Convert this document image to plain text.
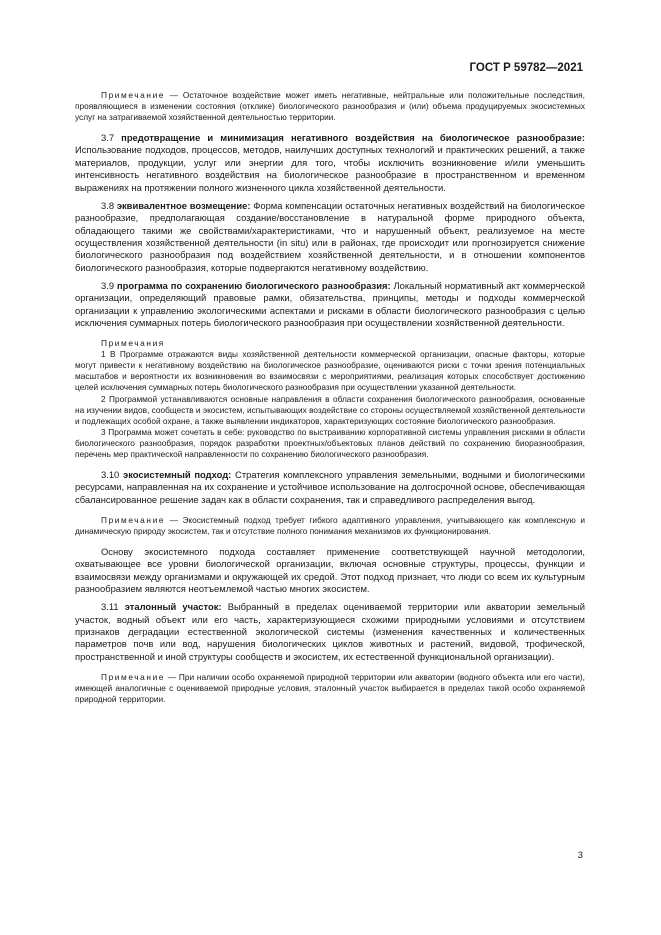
ГОСТ Р 59782—2021

Примечание — Остаточное воздействие может иметь негативные, нейтральные или положительные последствия, проявляющиеся в изменении состояния (отклике) биологического разнообразия и (или) объема продуцируемых экосистемных услуг на затрагиваемой хозяйственной деятельностью территории.

3.7 предотвращение и минимизация негативного воздействия на биологическое разнообразие: Использование подходов, процессов, методов, наилучших доступных технологий и практических решений, а также материалов, продукции, услуг или энергии для того, чтобы исключить возникновение и/или уменьшить интенсивность негативного воздействия на биологическое разнообразие в пространственном и временном выражениях на протяжении полного жизненного цикла хозяйственной деятельности.

3.8 эквивалентное возмещение: Форма компенсации остаточных негативных воздействий на биологическое разнообразие, предполагающая создание/восстановление в натуральной форме природного объекта, обладающего такими же свойствами/характеристиками, что и нарушенный объект, реализуемое на месте осуществления хозяйственной деятельности (in situ) или в районах, где происходит или прогнозируется снижение биологического разнообразия под воздействием хозяйственной деятельности, и в отношении компонентов биологического разнообразия, которые подвергаются негативному воздействию.

3.9 программа по сохранению биологического разнообразия: Локальный нормативный акт коммерческой организации, определяющий правовые рамки, обязательства, принципы, методы и подходы коммерческой организации к управлению экологическими аспектами и рисками в области биологического разнообразия с целью исключения суммарных потерь биологического разнообразия при осуществлении хозяйственной деятельности.

Примечания

1 В Программе отражаются виды хозяйственной деятельности коммерческой организации, опасные факторы, которые могут привести к негативному воздействию на биологическое разнообразие, оцениваются риски с точки зрения потенциальных масштабов и вероятности их возникновения во взаимосвязи с мероприятиями, реализация которых способствует достижению целей исключения суммарных потерь биологического разнообразия при осуществлении указанной деятельности.

2 Программой устанавливаются основные направления в области сохранения биологического разнообразия, основанные на изучении видов, сообществ и экосистем, испытывающих воздействие со стороны осуществляемой хозяйственной деятельности и подлежащих особой охране, а также выявлении индикаторов, характеризующих состояние биологического разнообразия.

3 Программа может сочетать в себе: руководство по выстраиванию корпоративной системы управления рисками в области биологического разнообразия, порядок разработки проектных/объектовых планов действий по сохранению биоразнообразия, перечень мер практической направленности по сохранению биологического разнообразия.

3.10 экосистемный подход: Стратегия комплексного управления земельными, водными и биологическими ресурсами, направленная на их сохранение и устойчивое использование на долгосрочной основе, обеспечивающая сбалансированное решение задач как в области сохранения, так и справедливого распределения выгод.

Примечание — Экосистемный подход требует гибкого адаптивного управления, учитывающего как комплексную и динамическую природу экосистем, так и отсутствие полного понимания механизмов их функционирования.

Основу экосистемного подхода составляет применение соответствующей научной методологии, охватывающее все уровни биологической организации, включая основные структуры, процессы, функции и взаимосвязи между организмами и окружающей их средой. Этот подход признает, что люди со всем их культурным разнообразием являются неотъемлемой частью многих экосистем.

3.11 эталонный участок: Выбранный в пределах оцениваемой территории или акватории земельный участок, водный объект или его часть, характеризующиеся схожими природными условиями и отсутствием признаков деградации естественной экологической системы (изменения качественных и количественных параметров почв или вод, нарушения биологических циклов животных и растений, видовой, трофической, пространственной и иной структуры сообществ и экосистем, их естественной функциональной организации).

Примечание — При наличии особо охраняемой природной территории или акватории (водного объекта или его части), имеющей аналогичные с оцениваемой природные условия, эталонный участок выбирается в пределах такой особо охраняемой природной территории.

3
